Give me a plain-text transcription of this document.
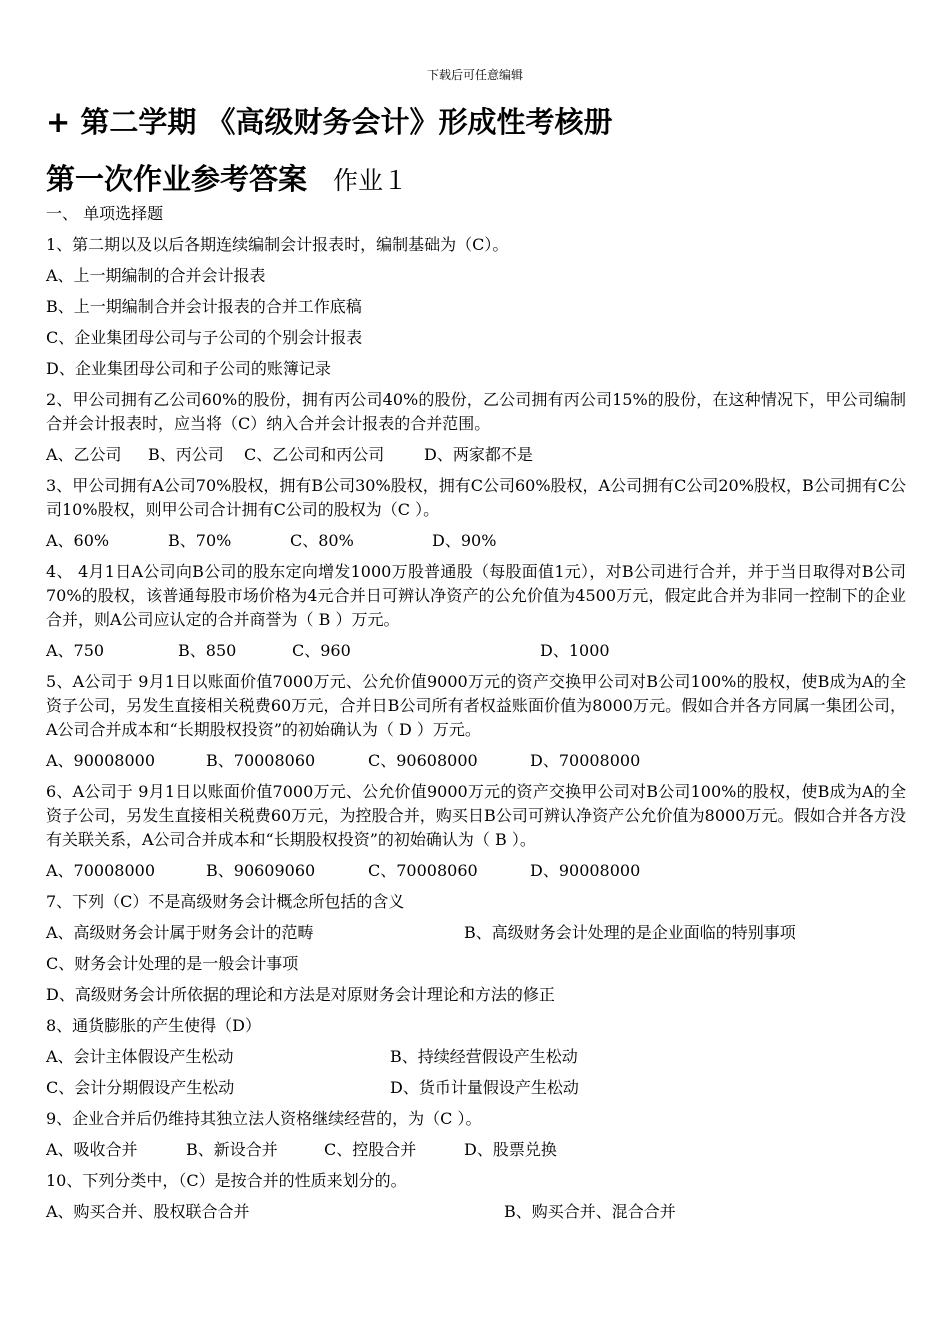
下载后可任意编辑
+ 第二学期 《高级财务会计》形成性考核册
第一次作业参考答案 作业１
一、 单项选择题
1、第二期以及以后各期连续编制会计报表时，编制基础为（C）。
A、上一期编制的合并会计报表
B、上一期编制合并会计报表的合并工作底稿
C、企业集团母公司与子公司的个别会计报表
D、企业集团母公司和子公司的账簿记录
2、甲公司拥有乙公司60%的股份，拥有丙公司40%的股份，乙公司拥有丙公司15%的股份，在这种情况下，甲公司编制合并会计报表时，应当将（C）纳入合并会计报表的合并范围。
A、乙公司 B、丙公司 C、乙公司和丙公司 D、两家都不是
3、甲公司拥有A公司70%股权，拥有B公司30%股权，拥有C公司60%股权，A公司拥有C公司20%股权，B公司拥有C公司10%股权，则甲公司合计拥有C公司的股权为（C ）。
A、60%	B、70%	C、80%	D、90%
4、 4月1日A公司向B公司的股东定向增发1000万股普通股（每股面值1元），对B公司进行合并，并于当日取得对B公司70%的股权，该普通每股市场价格为4元合并日可辨认净资产的公允价值为4500万元，假定此合并为非同一控制下的企业合并，则A公司应认定的合并商誉为（ B ）万元。
A、750	B、850	C、960	D、1000
5、A公司于 9月1日以账面价值7000万元、公允价值9000万元的资产交换甲公司对B公司100%的股权，使B成为A的全资子公司，另发生直接相关税费60万元，合并日B公司所有者权益账面价值为8000万元。假如合并各方同属一集团公司，A公司合并成本和“长期股权投资”的初始确认为（ D ）万元。
A、90008000	B、70008060	C、90608000	D、70008000
6、A公司于 9月1日以账面价值7000万元、公允价值9000万元的资产交换甲公司对B公司100%的股权，使B成为A的全资子公司，另发生直接相关税费60万元，为控股合并，购买日B公司可辨认净资产公允价值为8000万元。假如合并各方没有关联关系，A公司合并成本和“长期股权投资”的初始确认为（ B ）。
A、70008000	B、90609060	C、70008060	D、90008000
7、下列（C）不是高级财务会计概念所包括的含义
A、高级财务会计属于财务会计的范畴	B、高级财务会计处理的是企业面临的特别事项
C、财务会计处理的是一般会计事项
D、高级财务会计所依据的理论和方法是对原财务会计理论和方法的修正
8、通货膨胀的产生使得（D）
A、会计主体假设产生松动	B、持续经营假设产生松动
C、会计分期假设产生松动	D、货币计量假设产生松动
9、企业合并后仍维持其独立法人资格继续经营的，为（C ）。
A、吸收合并	B、新设合并	C、控股合并	D、股票兑换
10、下列分类中，（C）是按合并的性质来划分的。
A、购买合并、股权联合合并	B、购买合并、混合合并
